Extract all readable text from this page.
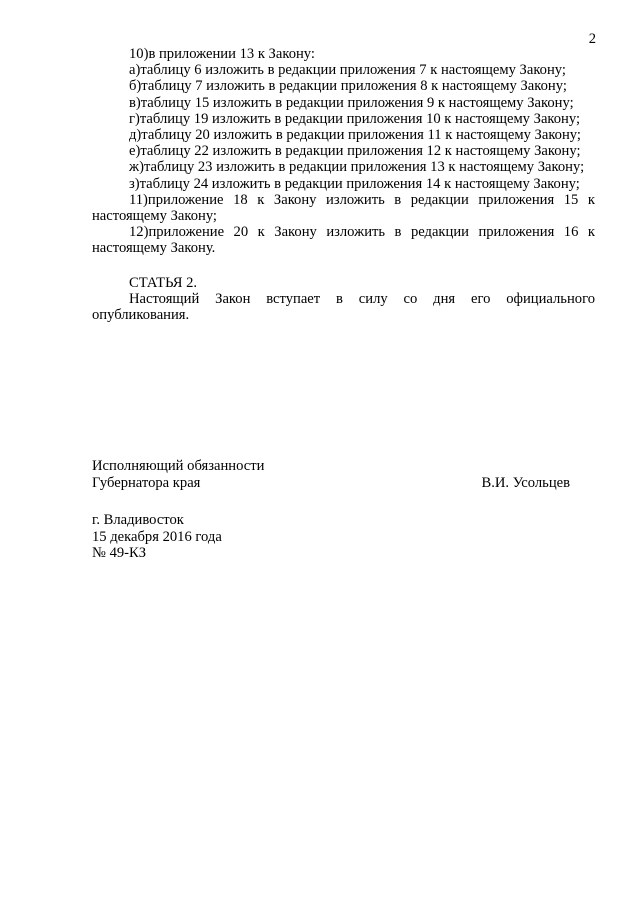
2

10)в приложении 13 к Закону:

а)таблицу 6 изложить в редакции приложения 7 к настоящему Закону;

б)таблицу 7 изложить в редакции приложения 8 к настоящему Закону;

в)таблицу 15 изложить в редакции приложения 9 к настоящему Закону;

г)таблицу 19 изложить в редакции приложения 10 к настоящему Закону;

д)таблицу 20 изложить в редакции приложения 11 к настоящему Закону;

е)таблицу 22 изложить в редакции приложения 12 к настоящему Закону;

ж)таблицу 23 изложить в редакции приложения 13 к настоящему Закону;

з)таблицу 24 изложить в редакции приложения 14 к настоящему Закону;

11)приложение 18 к Закону изложить в редакции приложения 15 к настоящему Закону;

12)приложение 20 к Закону изложить в редакции приложения 16 к настоящему Закону.

СТАТЬЯ 2.

Настоящий Закон вступает в силу со дня его официального опубликования.

Исполняющий обязанности
Губернатора края	В.И. Усольцев
г. Владивосток
15 декабря 2016 года
№ 49-КЗ
